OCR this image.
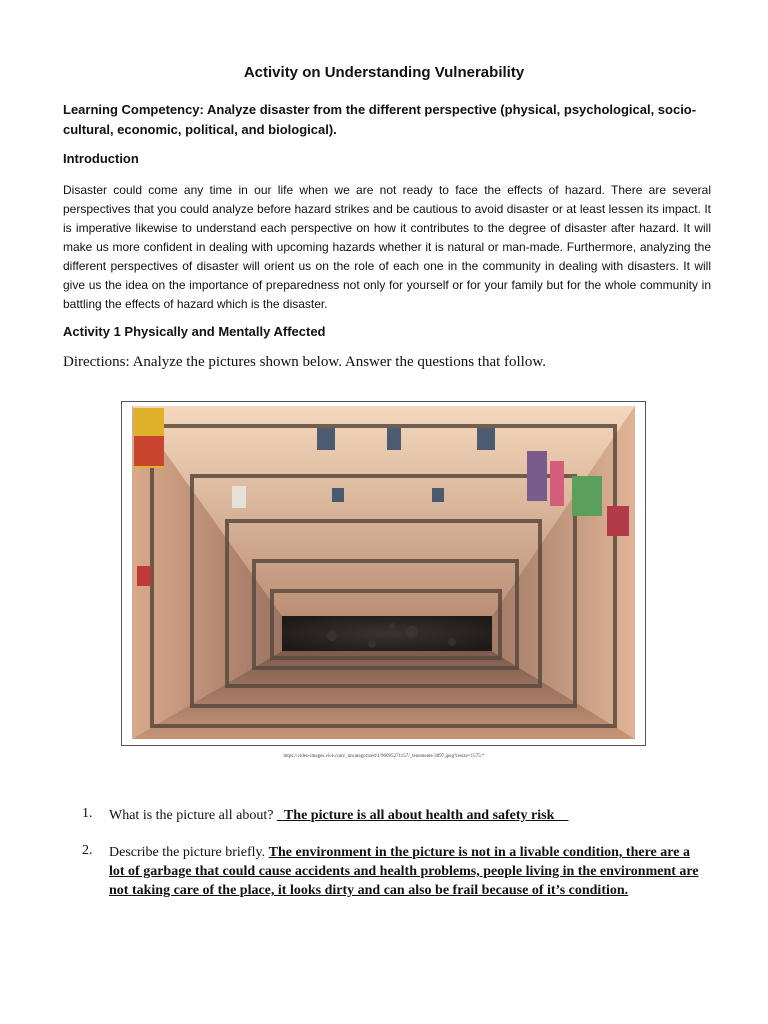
Activity on Understanding Vulnerability

Learning Competency: Analyze disaster from the different perspective (physical, psychological, socio-cultural, economic, political, and biological).

Introduction

Disaster could come any time in our life when we are not ready to face the effects of hazard. There are several perspectives that you could analyze before hazard strikes and be cautious to avoid disaster or at least lessen its impact. It is imperative likewise to understand each perspective on how it contributes to the degree of disaster after hazard. It will make us more confident in dealing with upcoming hazards whether it is natural or man-made. Furthermore, analyzing the different perspectives of disaster will orient us on the role of each one in the community in dealing with disasters. It will give us the idea on the importance of preparedness not only for yourself or for your family but for the whole community in battling the effects of hazard which is the disaster.

Activity 1 Physically and Mentally Affected

Directions: Analyze the pictures shown below. Answer the questions that follow.

https://video-images.vice.com/_uncategorized/1/96095271157/_tenements-3897.jpeg?resize=1575:*
1.	What is the picture all about? _The picture is all about health and safety risk__
2.	Describe the picture briefly. The environment in the picture is not in a livable condition, there are a lot of garbage that could cause accidents and health problems, people living in the environment are not taking care of the place, it looks dirty and can also be frail because of it’s condition.
